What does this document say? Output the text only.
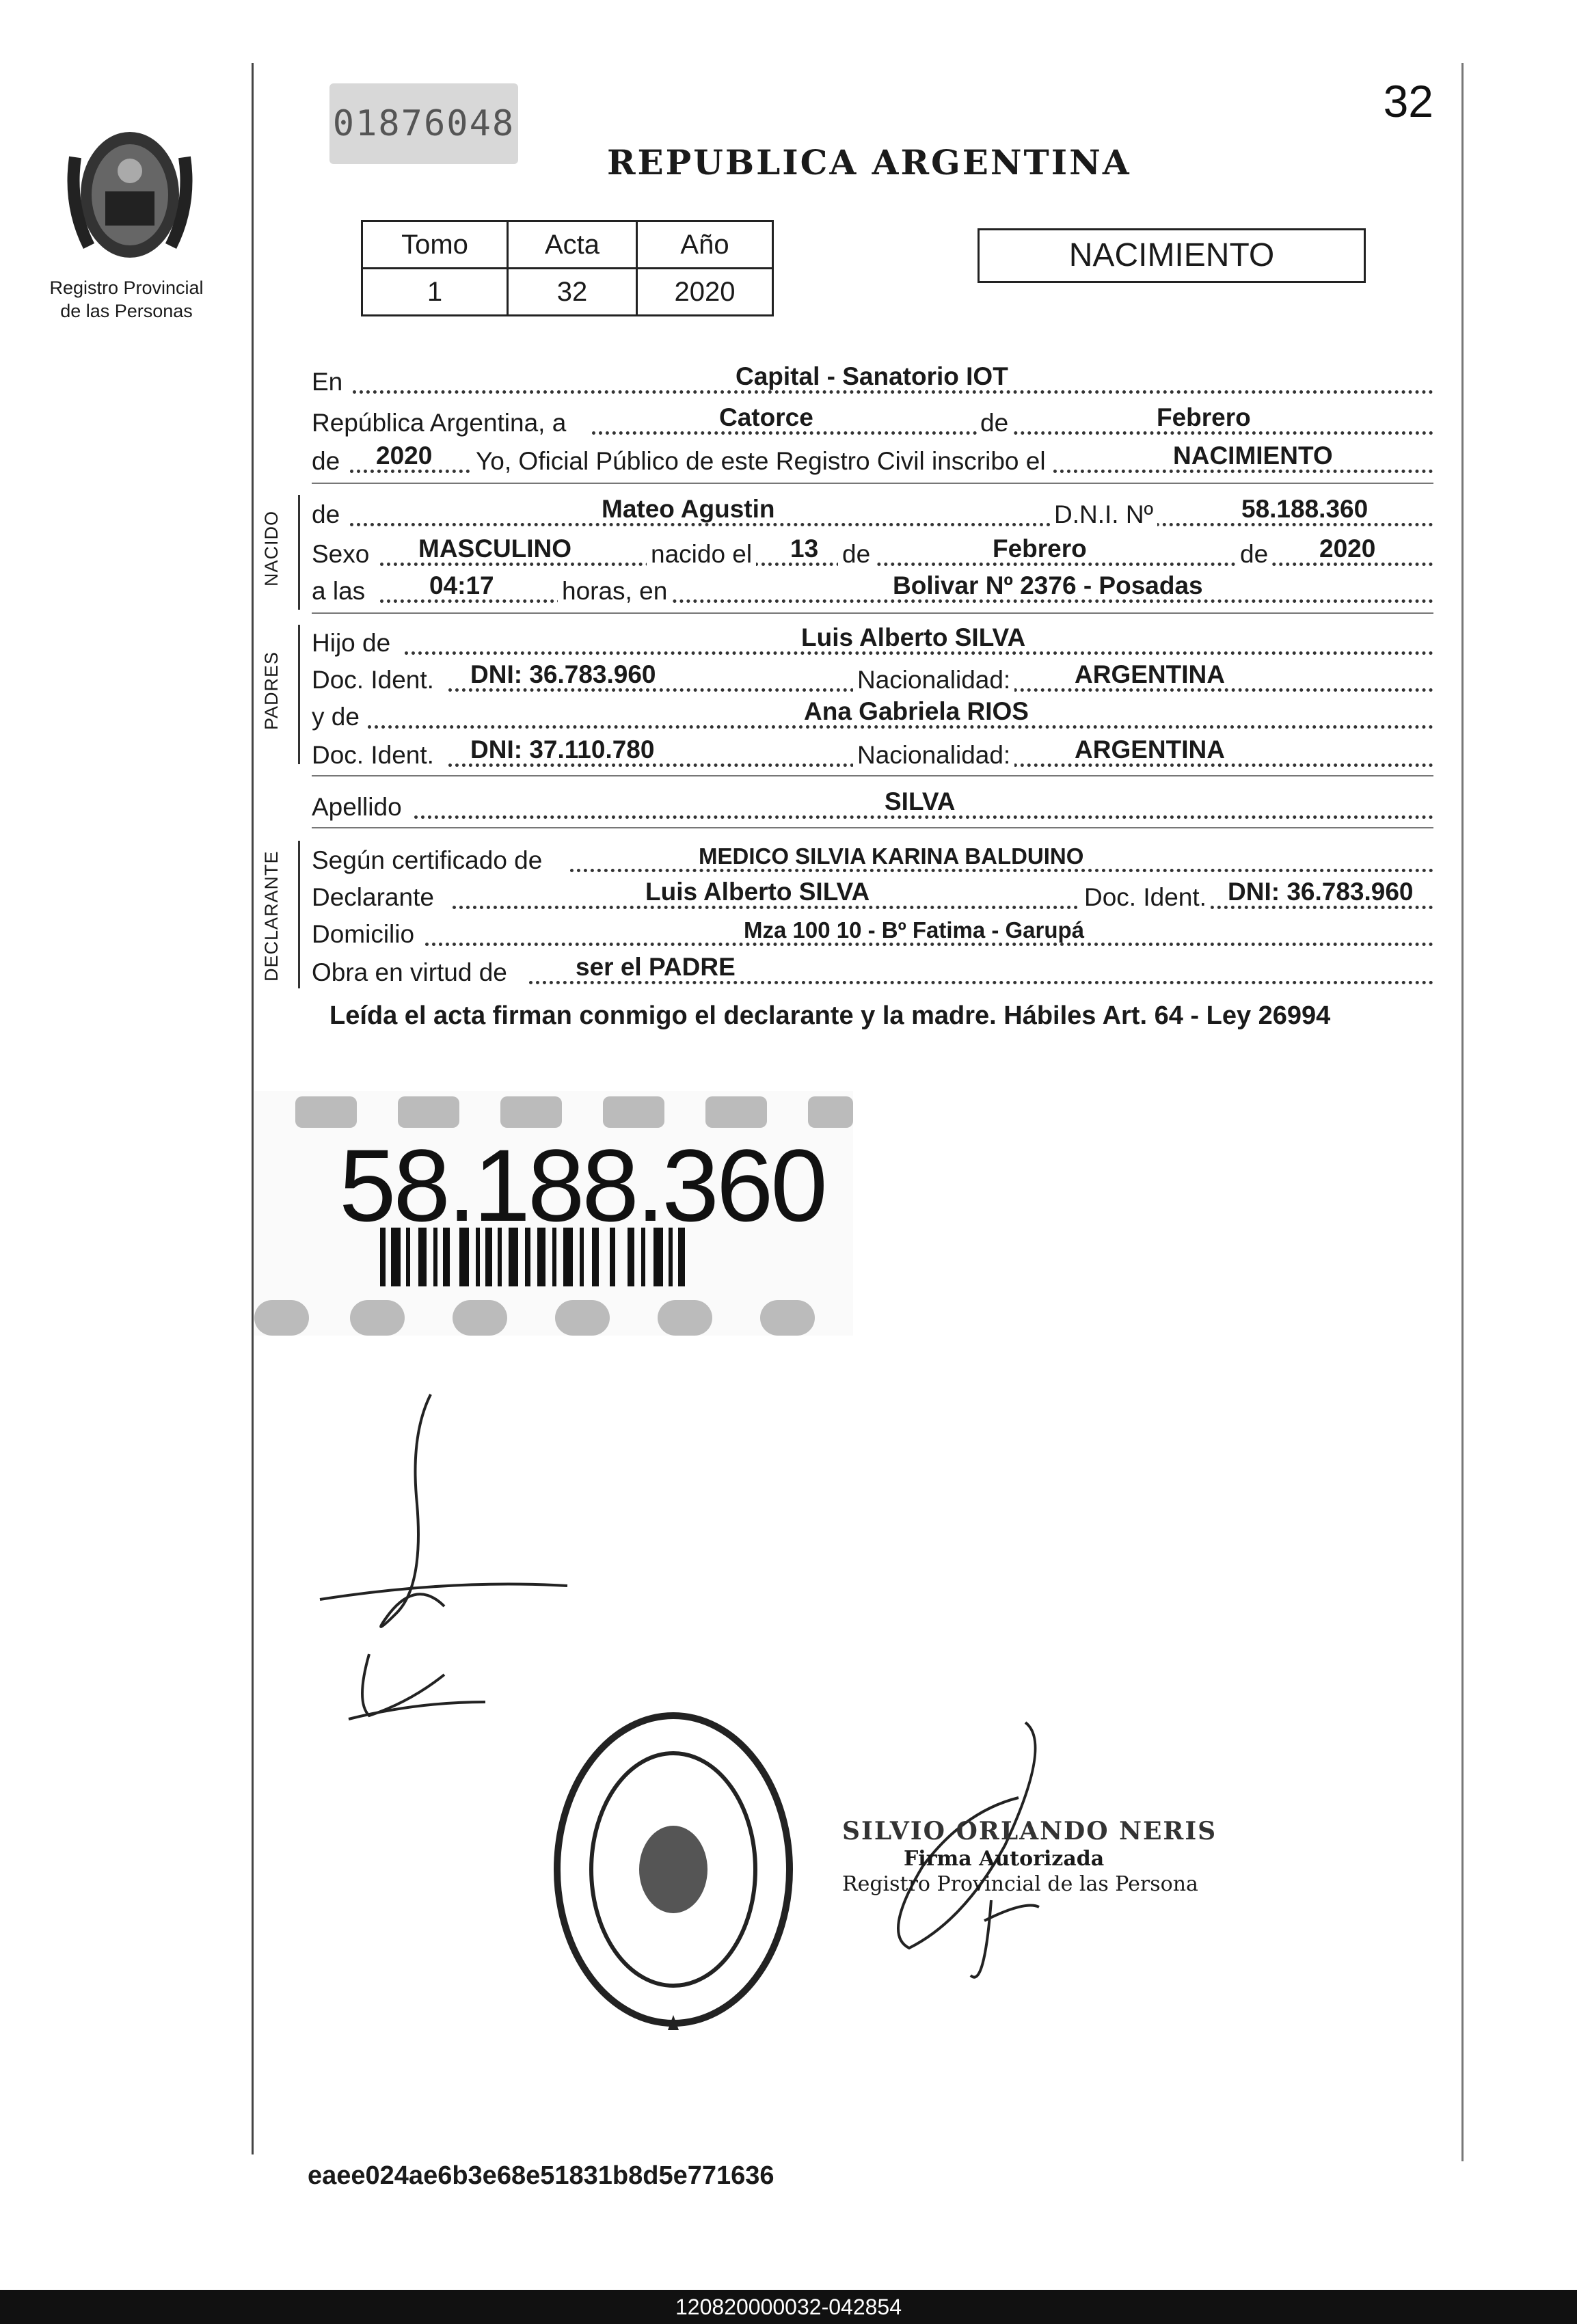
Registro Provincial
de las Personas
01876048	32
REPUBLICA ARGENTINA
Tomo	Acta	Año
1	32	2020
NACIMIENTO
En	Capital - Sanatorio IOT
República Argentina, a	Catorce	de	Febrero
de 2020 Yo, Oficial Público de este Registro Civil inscribo el	NACIMIENTO
NACIDO de	Mateo Agustin	D.N.I. Nº	58.188.360
Sexo MASCULINO	nacido el 13 de	Febrero	de 2020
a las	04:17	horas, en	Bolivar Nº 2376 - Posadas
PADRES
Hijo de	Luis Alberto SILVA
Doc. Ident. DNI: 36.783.960	Nacionalidad:	ARGENTINA
y de	Ana Gabriela RIOS
Doc. Ident. DNI: 37.110.780	Nacionalidad:	ARGENTINA
Apellido	SILVA
DECLARANTE Según certificado de	MEDICO SILVIA KARINA BALDUINO
Declarante	Luis Alberto SILVA	Doc. Ident. DNI: 36.783.960
Domicilio	Mza 100 10 - Bº Fatima - Garupá
Obra en virtud de	ser el PADRE
Leída el acta firman conmigo el declarante y la madre. Hábiles Art. 64 - Ley 26994
58.188.360
SILVIO ORLANDO NERIS
Firma Autorizada
Registro Provincial de las Persona
eaee024ae6b3e68e51831b8d5e771636
120820000032-042854
